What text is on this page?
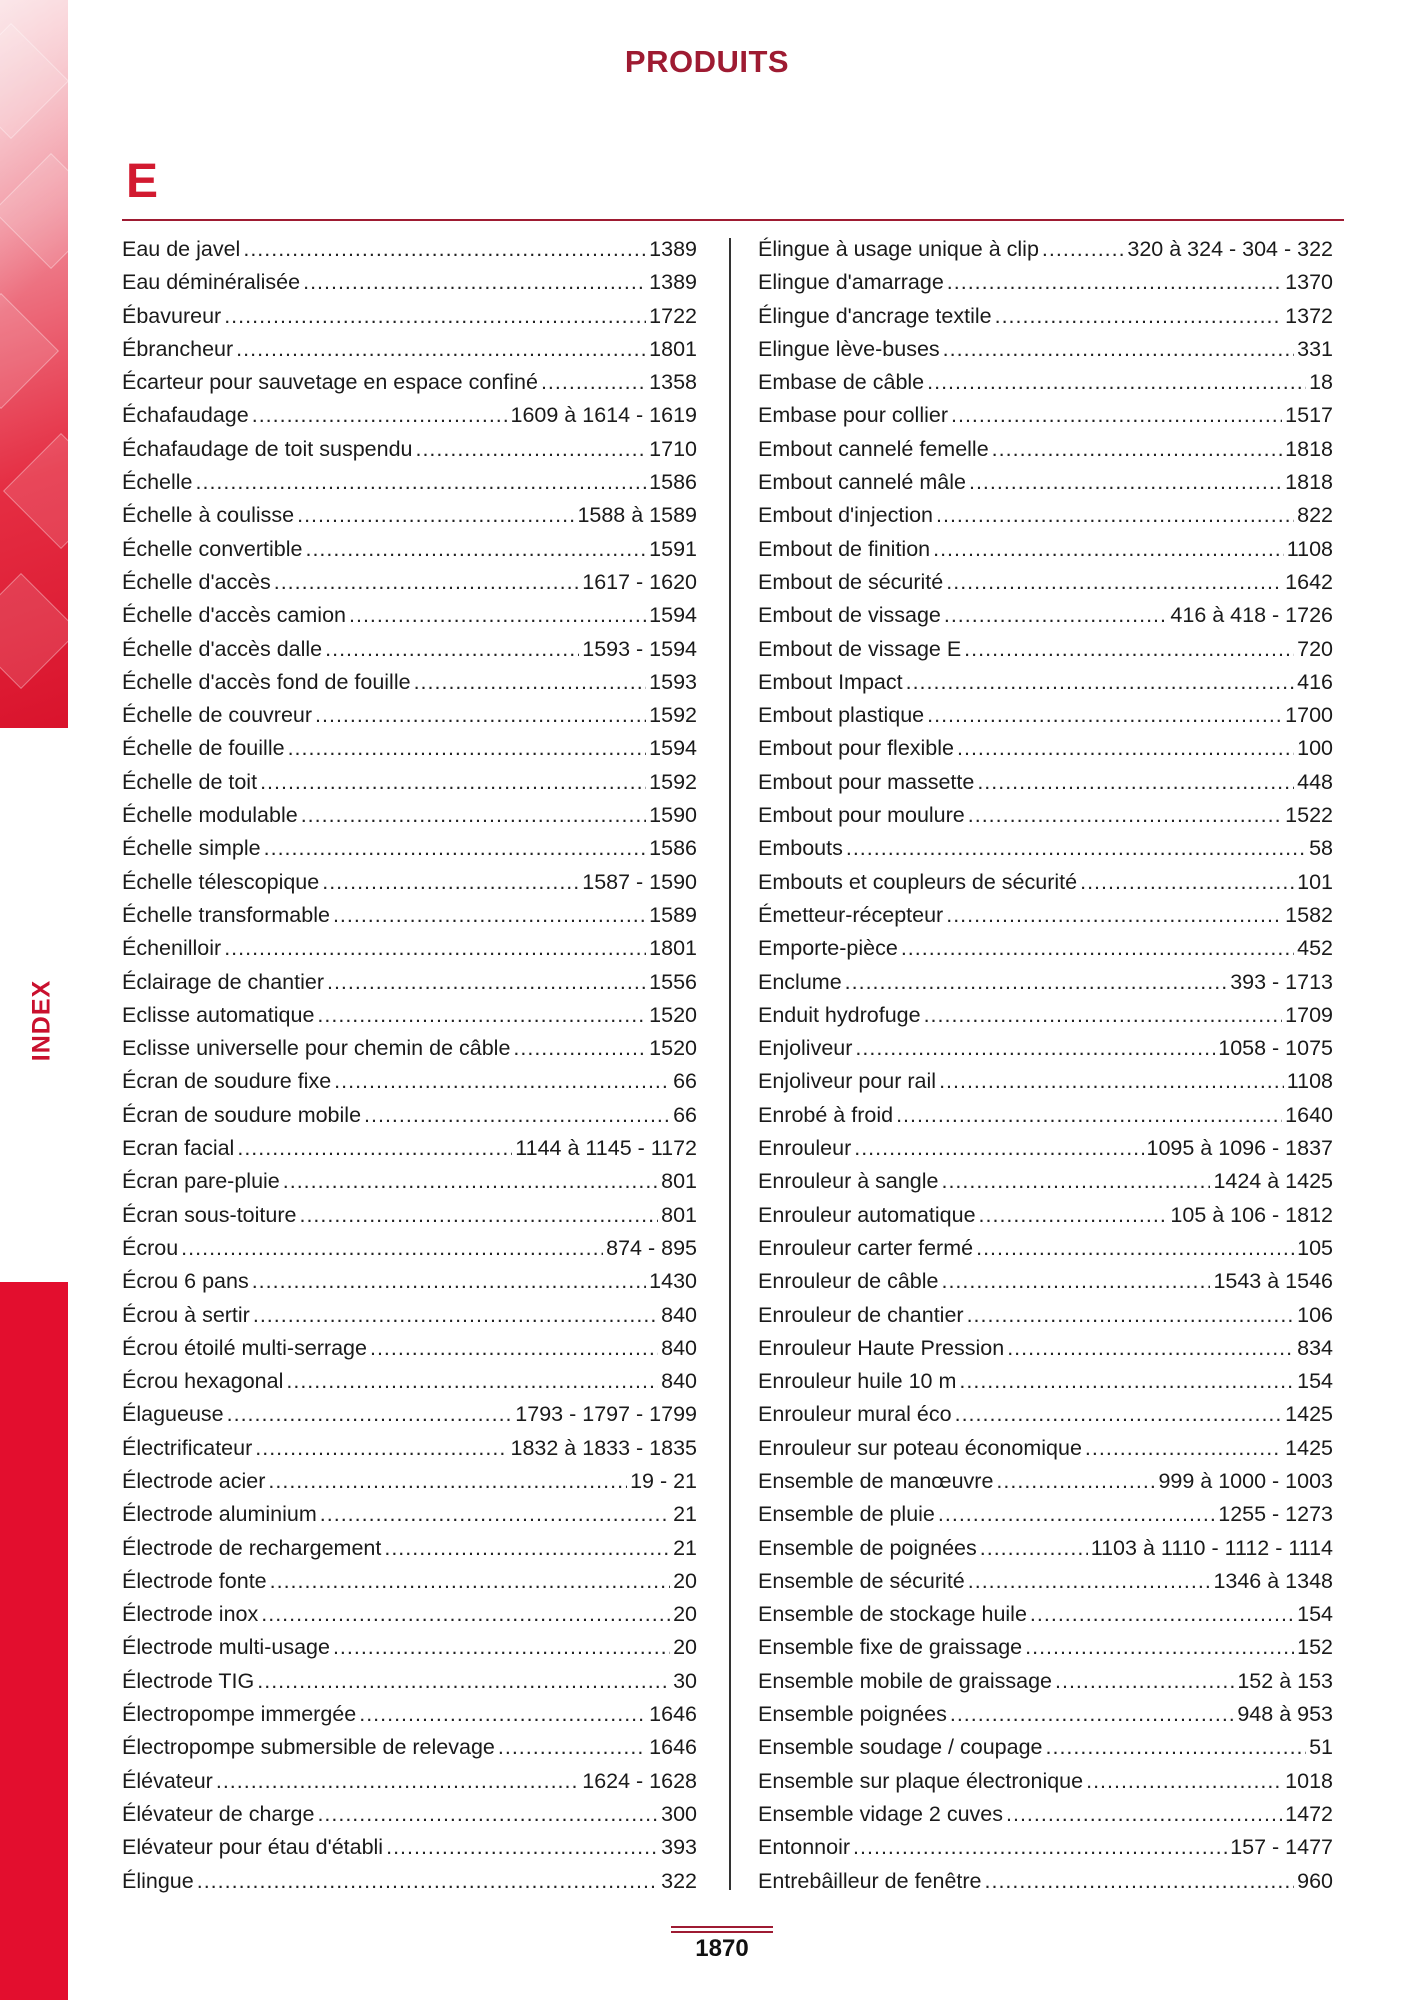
INDEX
PRODUITS
E
Eau de javel .....	1389
Eau déminéralisée .....	1389
Ébavureur .....	1722
Ébrancheur .....	1801
Écarteur pour sauvetage en espace confiné .....	1358
Échafaudage .....	1609 à 1614 - 1619
Échafaudage de toit suspendu .....	1710
Échelle .....	1586
Échelle à coulisse .....	1588 à 1589
Échelle convertible .....	1591
Échelle d'accès .....	1617 - 1620
Échelle d'accès camion .....	1594
Échelle d'accès dalle .....	1593 - 1594
Échelle d'accès fond de fouille .....	1593
Échelle de couvreur .....	1592
Échelle de fouille .....	1594
Échelle de toit .....	1592
Échelle modulable .....	1590
Échelle simple .....	1586
Échelle télescopique .....	1587 - 1590
Échelle transformable .....	1589
Échenilloir .....	1801
Éclairage de chantier .....	1556
Eclisse automatique .....	1520
Eclisse universelle pour chemin de câble .....	1520
Écran de soudure fixe .....	66
Écran de soudure mobile .....	66
Ecran facial .....	1144 à 1145 - 1172
Écran pare-pluie .....	801
Écran sous-toiture .....	801
Écrou .....	874 - 895
Écrou 6 pans .....	1430
Écrou à sertir .....	840
Écrou étoilé multi-serrage .....	840
Écrou hexagonal .....	840
Élagueuse .....	1793 - 1797 - 1799
Électrificateur .....	1832 à 1833 - 1835
Électrode acier .....	19 - 21
Électrode aluminium .....	21
Électrode de rechargement .....	21
Électrode fonte .....	20
Électrode inox .....	20
Électrode multi-usage .....	20
Électrode TIG .....	30
Électropompe immergée .....	1646
Électropompe submersible de relevage .....	1646
Élévateur .....	1624 - 1628
Élévateur de charge .....	300
Elévateur pour étau d'établi .....	393
Élingue .....	322
Élingue à usage unique à clip .....	320 à 324 - 304 - 322
Elingue d'amarrage .....	1370
Élingue d'ancrage textile .....	1372
Elingue lève-buses .....	331
Embase de câble .....	18
Embase pour collier .....	1517
Embout cannelé femelle .....	1818
Embout cannelé mâle .....	1818
Embout d'injection .....	822
Embout de finition .....	1108
Embout de sécurité .....	1642
Embout de vissage .....	416 à 418 - 1726
Embout de vissage E .....	720
Embout Impact .....	416
Embout plastique .....	1700
Embout pour flexible .....	100
Embout pour massette .....	448
Embout pour moulure .....	1522
Embouts .....	58
Embouts et coupleurs de sécurité .....	101
Émetteur-récepteur .....	1582
Emporte-pièce .....	452
Enclume .....	393 - 1713
Enduit hydrofuge .....	1709
Enjoliveur .....	1058 - 1075
Enjoliveur pour rail .....	1108
Enrobé à froid .....	1640
Enrouleur .....	1095 à 1096 - 1837
Enrouleur à sangle .....	1424 à 1425
Enrouleur automatique .....	105 à 106 - 1812
Enrouleur carter fermé .....	105
Enrouleur de câble .....	1543 à 1546
Enrouleur de chantier .....	106
Enrouleur Haute Pression .....	834
Enrouleur huile 10 m .....	154
Enrouleur mural éco .....	1425
Enrouleur sur poteau économique .....	1425
Ensemble de manœuvre .....	999 à 1000 - 1003
Ensemble de pluie .....	1255 - 1273
Ensemble de poignées .....	1103 à 1110 - 1112 - 1114
Ensemble de sécurité .....	1346 à 1348
Ensemble de stockage huile .....	154
Ensemble fixe de graissage .....	152
Ensemble mobile de graissage .....	152 à 153
Ensemble poignées .....	948 à 953
Ensemble soudage / coupage .....	51
Ensemble sur plaque électronique .....	1018
Ensemble vidage 2 cuves .....	1472
Entonnoir .....	157 - 1477
Entrebâilleur de fenêtre .....	960
1870
